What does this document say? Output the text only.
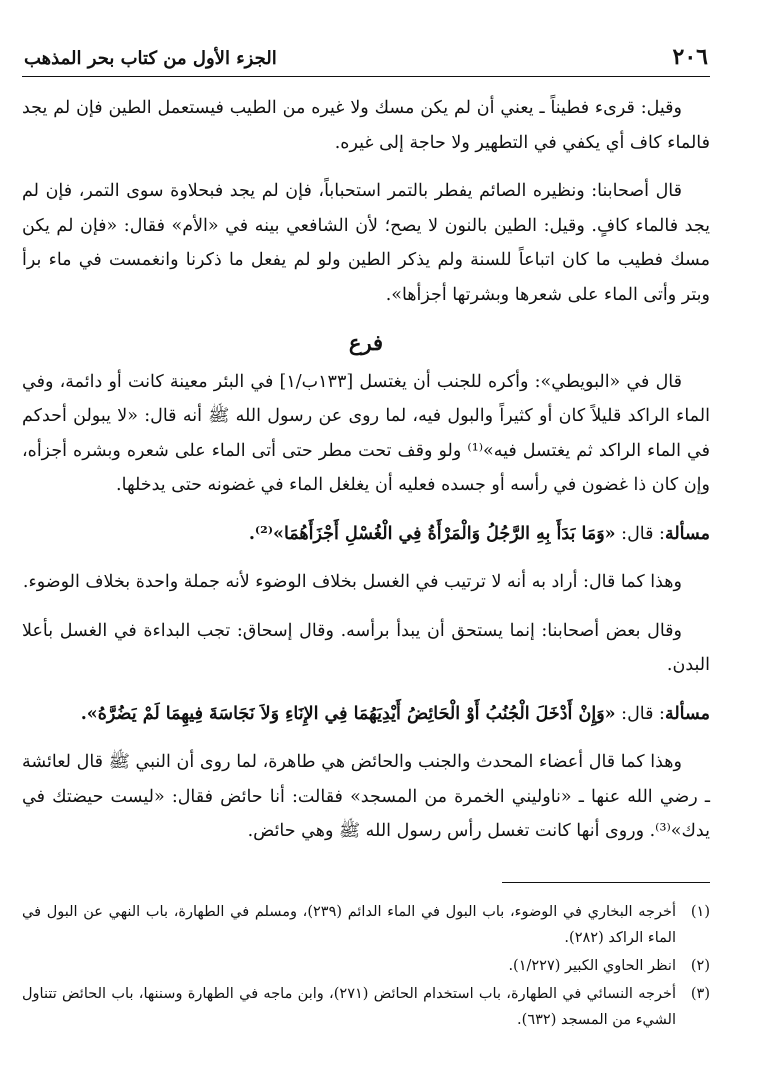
٢٠٦
الجزء الأول من كتاب بحر المذهب

وقيل: قرىء فطيناً ـ يعني أن لم يكن مسك ولا غيره من الطيب فيستعمل الطين فإن لم يجد فالماء كاف أي يكفي في التطهير ولا حاجة إلى غيره.

قال أصحابنا: ونظيره الصائم يفطر بالتمر استحباباً، فإن لم يجد فبحلاوة سوى التمر، فإن لم يجد فالماء كافٍ. وقيل: الطين بالنون لا يصح؛ لأن الشافعي بينه في «الأم» فقال: «فإن لم يكن مسك فطيب ما كان اتباعاً للسنة ولم يذكر الطين ولو لم يفعل ما ذكرنا وانغمست في ماء برأ وبتر وأتى الماء على شعرها وبشرتها أجزأها».

فرع

قال في «البويطي»: وأكره للجنب أن يغتسل [١٣٣ب/١] في البئر معينة كانت أو دائمة، وفي الماء الراكد قليلاً كان أو كثيراً والبول فيه، لما روى عن رسول الله ﷺ أنه قال: «لا يبولن أحدكم في الماء الراكد ثم يغتسل فيه»⁽¹⁾ ولو وقف تحت مطر حتى أتى الماء على شعره وبشره أجزأه، وإن كان ذا غضون في رأسه أو جسده فعليه أن يغلغل الماء في غضونه حتى يدخلها.

مسألة: قال: «وَمَا بَدَأَ بِهِ الرَّجُلُ وَالْمَرْأَةُ فِي الْغُسْلِ أَجْزَأَهُمَا»⁽²⁾.

وهذا كما قال: أراد به أنه لا ترتيب في الغسل بخلاف الوضوء لأنه جملة واحدة بخلاف الوضوء.

وقال بعض أصحابنا: إنما يستحق أن يبدأ برأسه. وقال إسحاق: تجب البداءة في الغسل بأعلا البدن.

مسألة: قال: «وَإِنْ أَدْخَلَ الْجُنُبُ أَوْ الْحَائِضُ أَيْدِيَهُمَا فِي الإِنَاءِ وَلاَ نَجَاسَةَ فِيهِمَا لَمْ يَضُرَّهُ».

وهذا كما قال أعضاء المحدث والجنب والحائض هي طاهرة، لما روى أن النبي ﷺ قال لعائشة ـ رضي الله عنها ـ «ناوليني الخمرة من المسجد» فقالت: أنا حائض فقال: «ليست حيضتك في يدك»⁽³⁾. وروى أنها كانت تغسل رأس رسول الله ﷺ وهي حائض.

(١)
أخرجه البخاري في الوضوء، باب البول في الماء الدائم (٢٣٩)، ومسلم في الطهارة، باب النهي عن البول في الماء الراكد (٢٨٢).
(٢)
انظر الحاوي الكبير (١/٢٢٧).
(٣)
أخرجه النسائي في الطهارة، باب استخدام الحائض (٢٧١)، وابن ماجه في الطهارة وسننها، باب الحائض تتناول الشيء من المسجد (٦٣٢).
